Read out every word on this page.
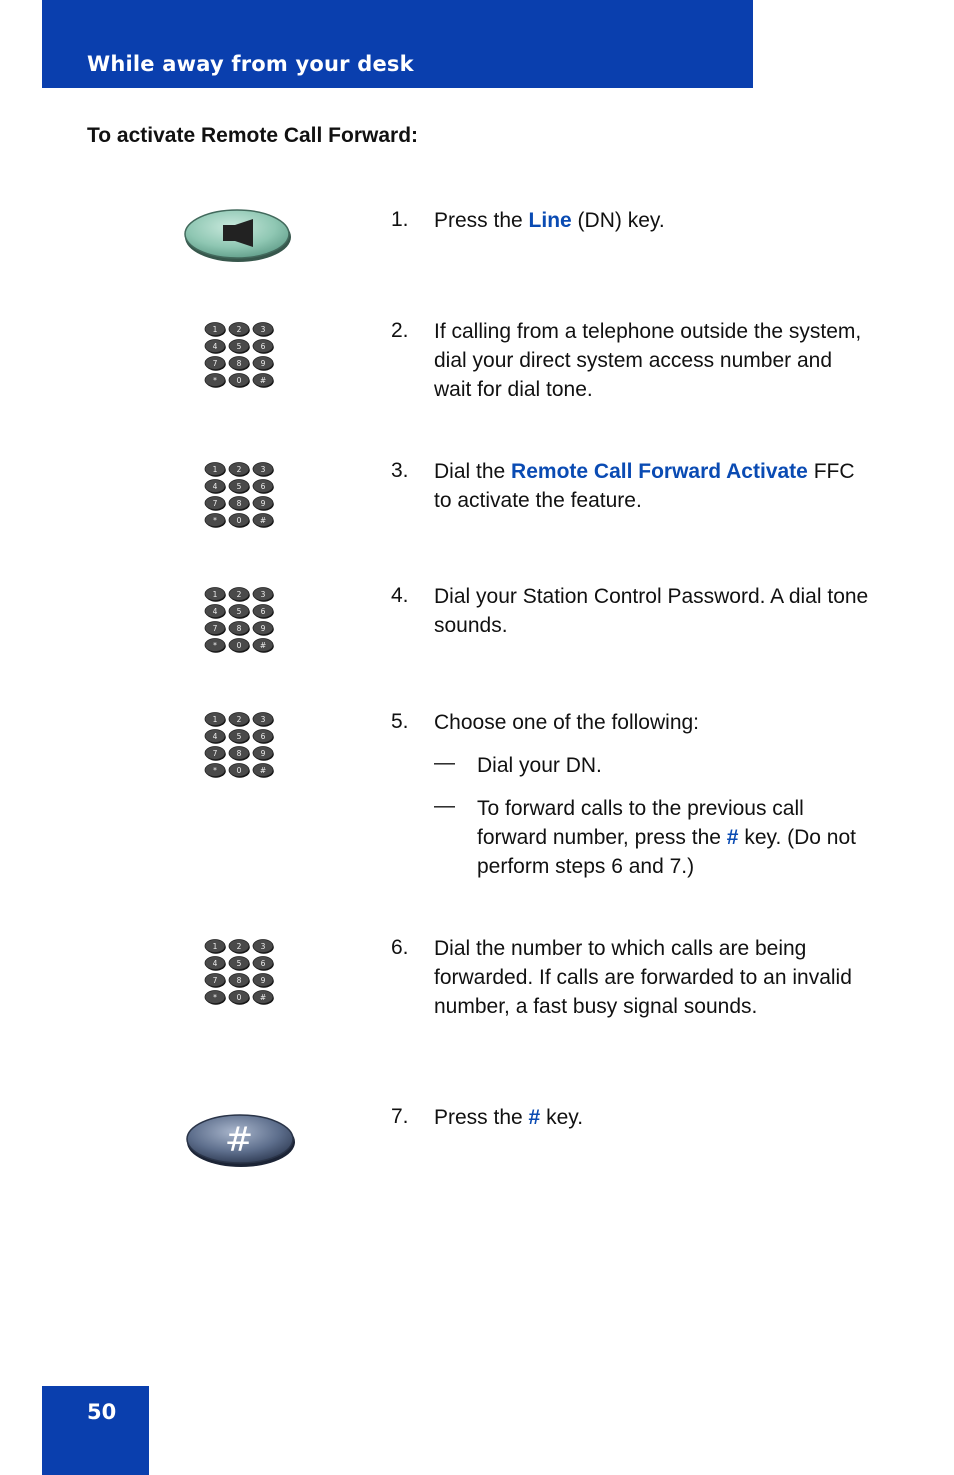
While away from your desk
To activate Remote Call Forward:
1. Press the Line (DN) key.
1	2	3
4	5	6
7	8	9
*	0 #
2. If calling from a telephone outside the system, dial your direct system access number and wait for dial tone.
1	2	3
4	5	6
7	8	9
*	0 #
3. Dial the Remote Call Forward Activate FFC to activate the feature.
1	2	3
4	5	6
7	8	9
*	0 #
4. Dial your Station Control Password. A dial tone sounds.
1	2	3
4	5	6
7	8	9
*	0 #
5. Choose one of the following:
— Dial your DN.
— To forward calls to the previous call forward number, press the # key. (Do not perform steps 6 and 7.)
1	2	3
4	5	6
7	8	9
*	0 #
6. Dial the number to which calls are being forwarded. If calls are forwarded to an invalid number, a fast busy signal sounds.
#
7. Press the # key.
50
